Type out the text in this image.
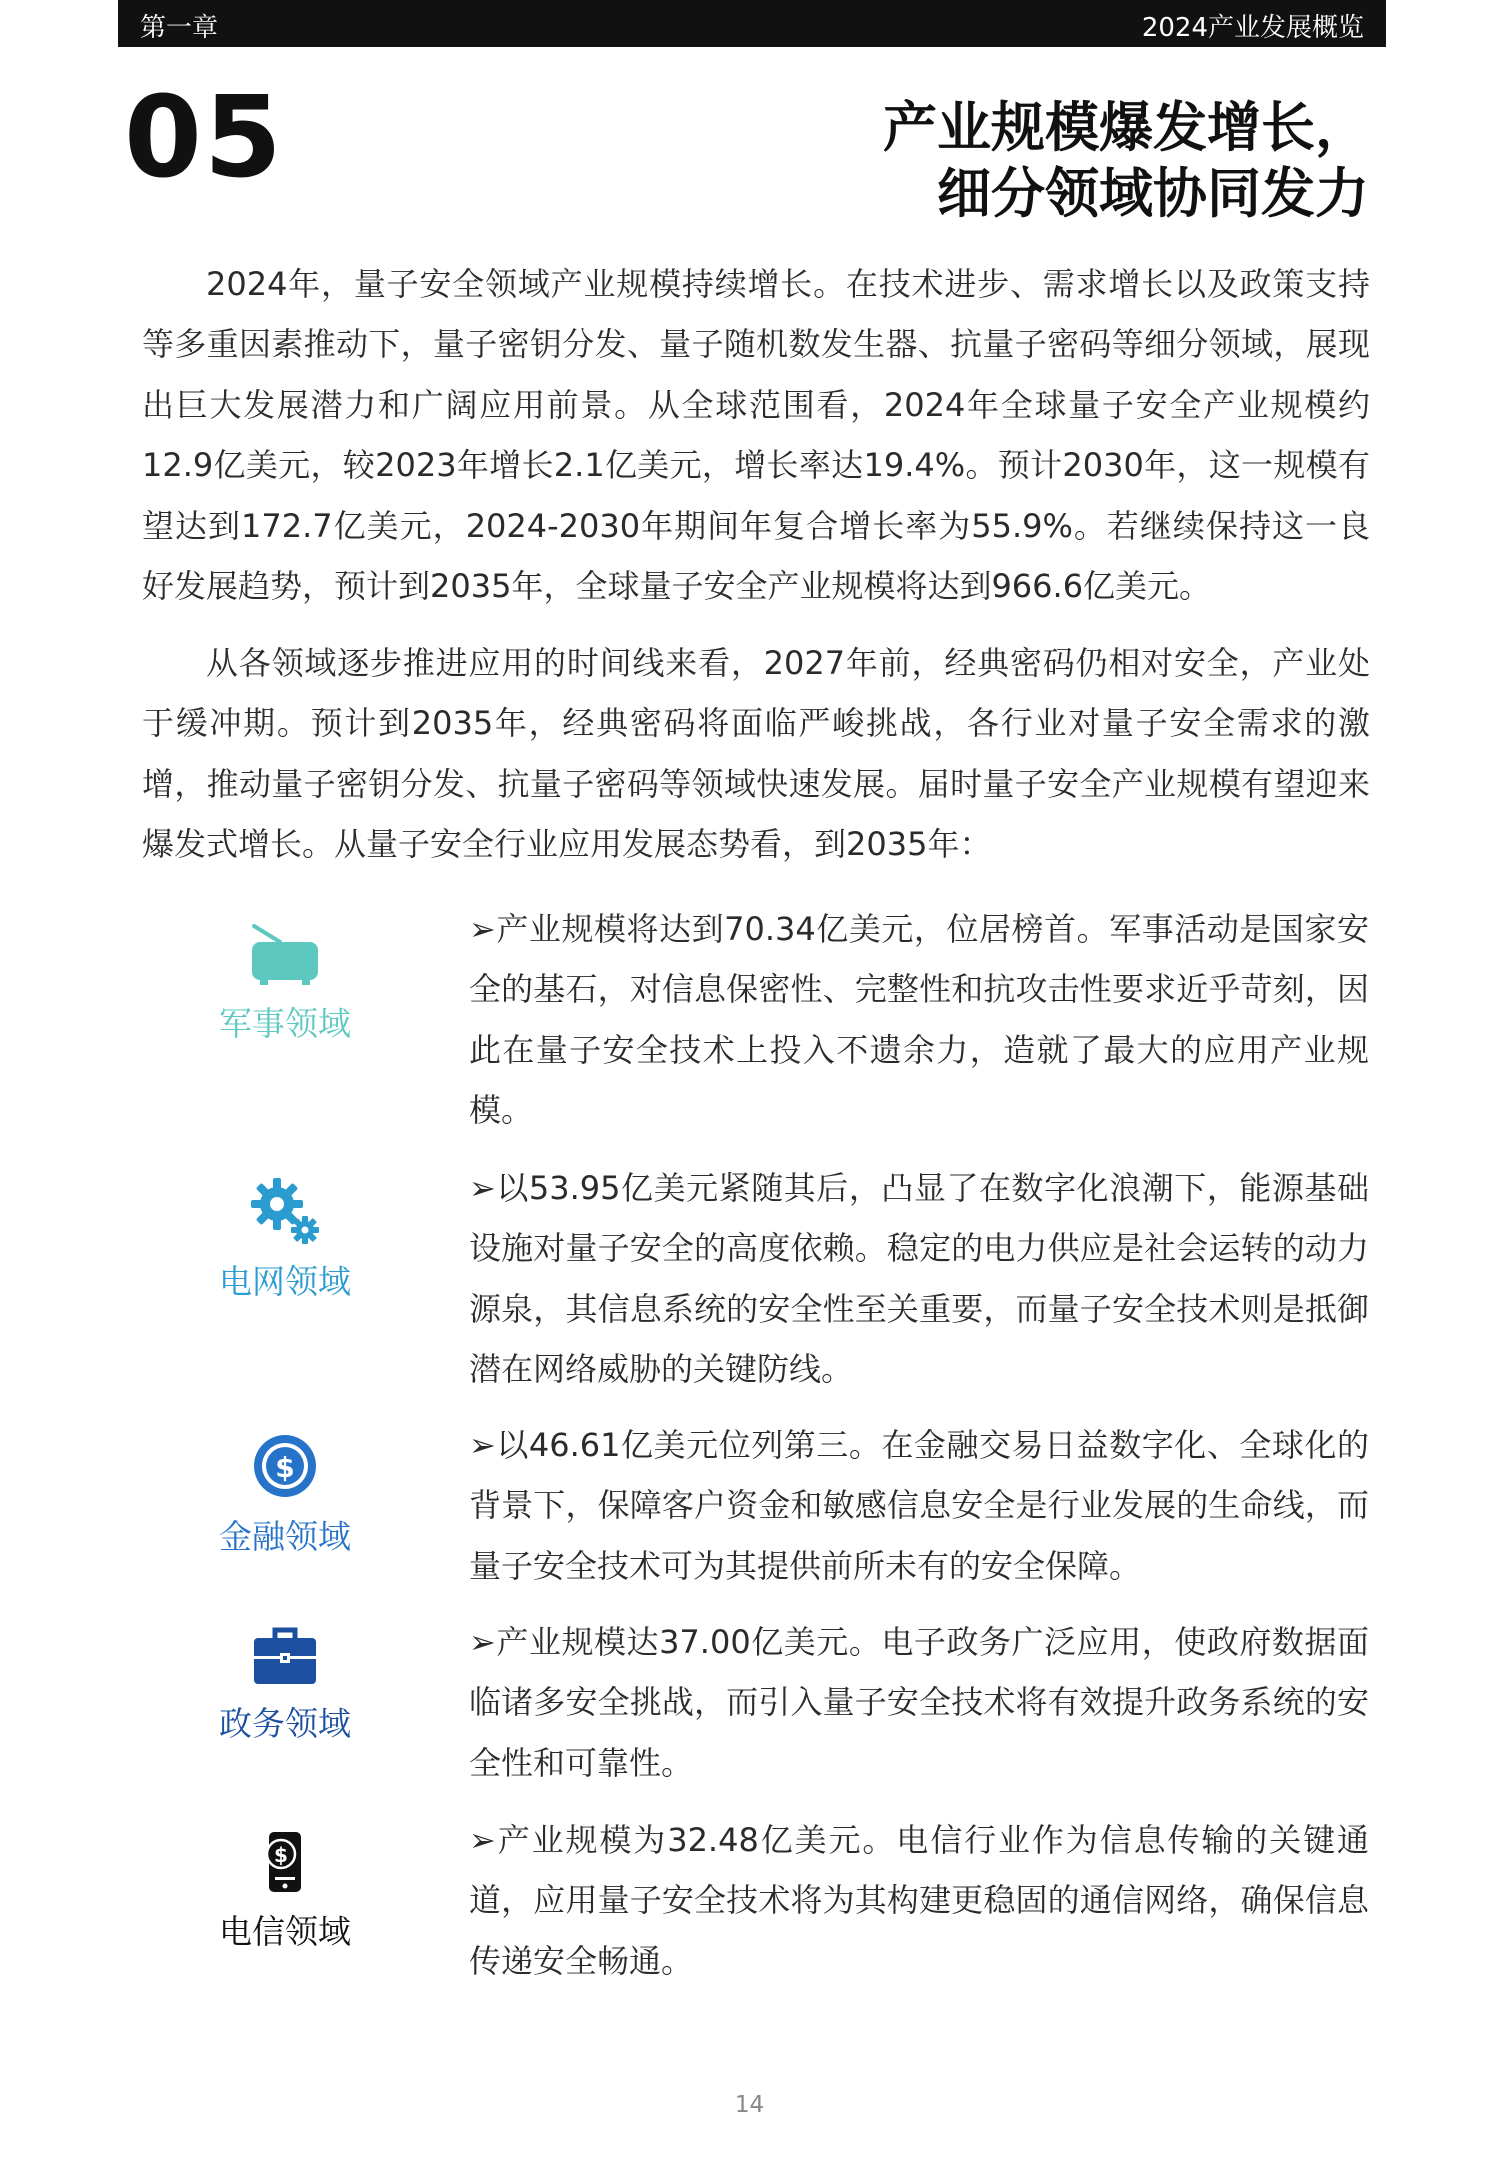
第一章	2024产业发展概览
05	产业规模爆发增长，
细分领域协同发力
2024年，量子安全领域产业规模持续增长。在技术进步、需求增长以及政策支持等多重因素推动下，量子密钥分发、量子随机数发生器、抗量子密码等细分领域，展现出巨大发展潜力和广阔应用前景。从全球范围看，2024年全球量子安全产业规模约12.9亿美元，较2023年增长2.1亿美元，增长率达19.4%。预计2030年，这一规模有望达到172.7亿美元，2024-2030年期间年复合增长率为55.9%。若继续保持这一良好发展趋势，预计到2035年，全球量子安全产业规模将达到966.6亿美元。
从各领域逐步推进应用的时间线来看，2027年前，经典密码仍相对安全，产业处于缓冲期。预计到2035年，经典密码将面临严峻挑战，各行业对量子安全需求的激增，推动量子密钥分发、抗量子密码等领域快速发展。届时量子安全产业规模有望迎来爆发式增长。从量子安全行业应用发展态势看，到2035年：
军事领域
➢产业规模将达到70.34亿美元，位居榜首。军事活动是国家安全的基石，对信息保密性、完整性和抗攻击性要求近乎苛刻，因此在量子安全技术上投入不遗余力，造就了最大的应用产业规模。
电网领域
➢以53.95亿美元紧随其后，凸显了在数字化浪潮下，能源基础设施对量子安全的高度依赖。稳定的电力供应是社会运转的动力源泉，其信息系统的安全性至关重要，而量子安全技术则是抵御潜在网络威胁的关键防线。
$
金融领域
➢以46.61亿美元位列第三。在金融交易日益数字化、全球化的背景下，保障客户资金和敏感信息安全是行业发展的生命线，而量子安全技术可为其提供前所未有的安全保障。
政务领域
➢产业规模达37.00亿美元。电子政务广泛应用，使政府数据面临诸多安全挑战，而引入量子安全技术将有效提升政务系统的安全性和可靠性。
$
电信领域
➢产业规模为32.48亿美元。电信行业作为信息传输的关键通道，应用量子安全技术将为其构建更稳固的通信网络，确保信息传递安全畅通。
14
